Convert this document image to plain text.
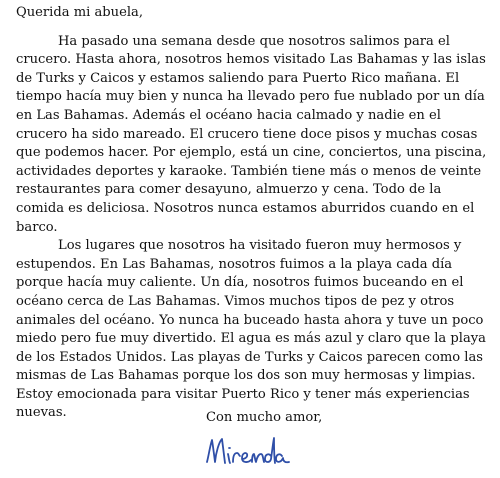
Querida mi abuela,

Ha pasado una semana desde que nosotros salimos para el crucero. Hasta ahora, nosotros hemos visitado Las Bahamas y las islas de Turks y Caicos y estamos saliendo para Puerto Rico mañana. El tiempo hacía muy bien y nunca ha llevado pero fue nublado por un día en Las Bahamas. Además el océano hacia calmado y nadie en el crucero ha sido mareado. El crucero tiene doce pisos y muchas cosas que podemos hacer. Por ejemplo, está un cine, conciertos, una piscina, actividades deportes y karaoke. También tiene más o menos de veinte restaurantes para comer desayuno, almuerzo y cena. Todo de la comida es deliciosa. Nosotros nunca estamos aburridos cuando en el barco.

Los lugares que nosotros ha visitado fueron muy hermosos y estupendos. En Las Bahamas, nosotros fuimos a la playa cada día porque hacía muy caliente. Un día, nosotros fuimos buceando en el océano cerca de Las Bahamas. Vimos muchos tipos de pez y otros animales del océano. Yo nunca ha buceado hasta ahora y tuve un poco miedo pero fue muy divertido. El agua es más azul y claro que la playa de los Estados Unidos. Las playas de Turks y Caicos parecen como las mismas de Las Bahamas porque los dos son muy hermosas y limpias. Estoy emocionada para visitar Puerto Rico y tener más experiencias nuevas.	Con mucho amor,
